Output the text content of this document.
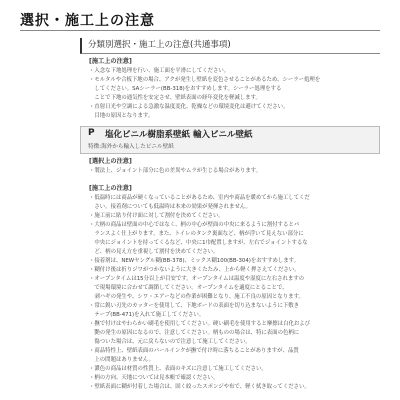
選択・施工上の注意
分類別選択・施工上の注意(共通事項)
[施工上の注意]
・入念な下地処理を行い、施工面を平滑にしてください。
・モルタルや合板下地の場合、アクが発生し壁紙を変色させることがあるため、シーラー処理を
　してください。SAシーラー(BB-318)をおすすめします。シーラー処理をする
　ことで下地の通気性を安定させ、壁紙表面の経年変化を軽減します。
・直射日光や空調による急激な温度変化、乾燥などの環境変化は避けてください。
　目地の原因となります。
P 塩化ビニル樹脂系壁紙 輸入ビニル壁紙
特徴:海外から輸入したビニル壁紙
[選択上の注意]
・製法上、ジョイント部分に色の差異やムラが生じる場合があります。
[施工上の注意]
・低温時には商品が硬くなっていることがあるため、室内や商品を暖めてから施工してくだ
　さい。接着剤についても低温時は本来の効果が発揮されません。
・施工前に貼り付け面に対して割付を決めてください。
・大柄の商品は壁面の中心ではなく、柄の中心が壁面の中央に来るように割付するとバ
　ランスよく仕上がります。また、トイレのタンク裏面など、柄が浮いて見えない部分に
　中央にジョイントを持ってくるなど、中央に1巾配置しますが、左右でジョイントするな
　ど、柄の見え方を重視して割付を決めてください。
・接着剤は、NEWヤングル糊(BB-378)、ミックス糊100(BB-304)をおすすめします。
・糊付け後は折りジワがつかないように大きくたたみ、上から軽く押さえてください。
・オープンタイムは15分以上が目安です。オープンタイムは温度や湿度に左右されますの
　で現場環境に合わせて調節してください。オープンタイムを適度にとることで、
　剥ハギの発生や、シワ・エアーなどの作業が困難となり、施工不良の原因となります。
・常に鋭い刃先のカッターを使用して、下地ボードの表面を切り込まないように下敷き
　テープ(BB-471)を入れて施工してください。
・撫で付けはやわらかい刷毛を使用してください。硬い刷毛を使用すると摩擦は白化および
　艶の発生の原因になるので、注意してください。柄ものの場合は、特に表面の色柄に
　傷ついた場合は、元に戻らないので注意して施工してください。
・商品特性上、壁紙表面のパールインクが撫で付け時に落ちることがありますが、品質
　上の問題はありません。
・濃色の商品は材質の性質上、表面のキズに注意して施工してください。
・柄の方向、天地については見本帳で確認ください。
・壁紙表面に糊が付着した場合は、固く絞ったスポンジや布で、軽く拭き取ってください。
